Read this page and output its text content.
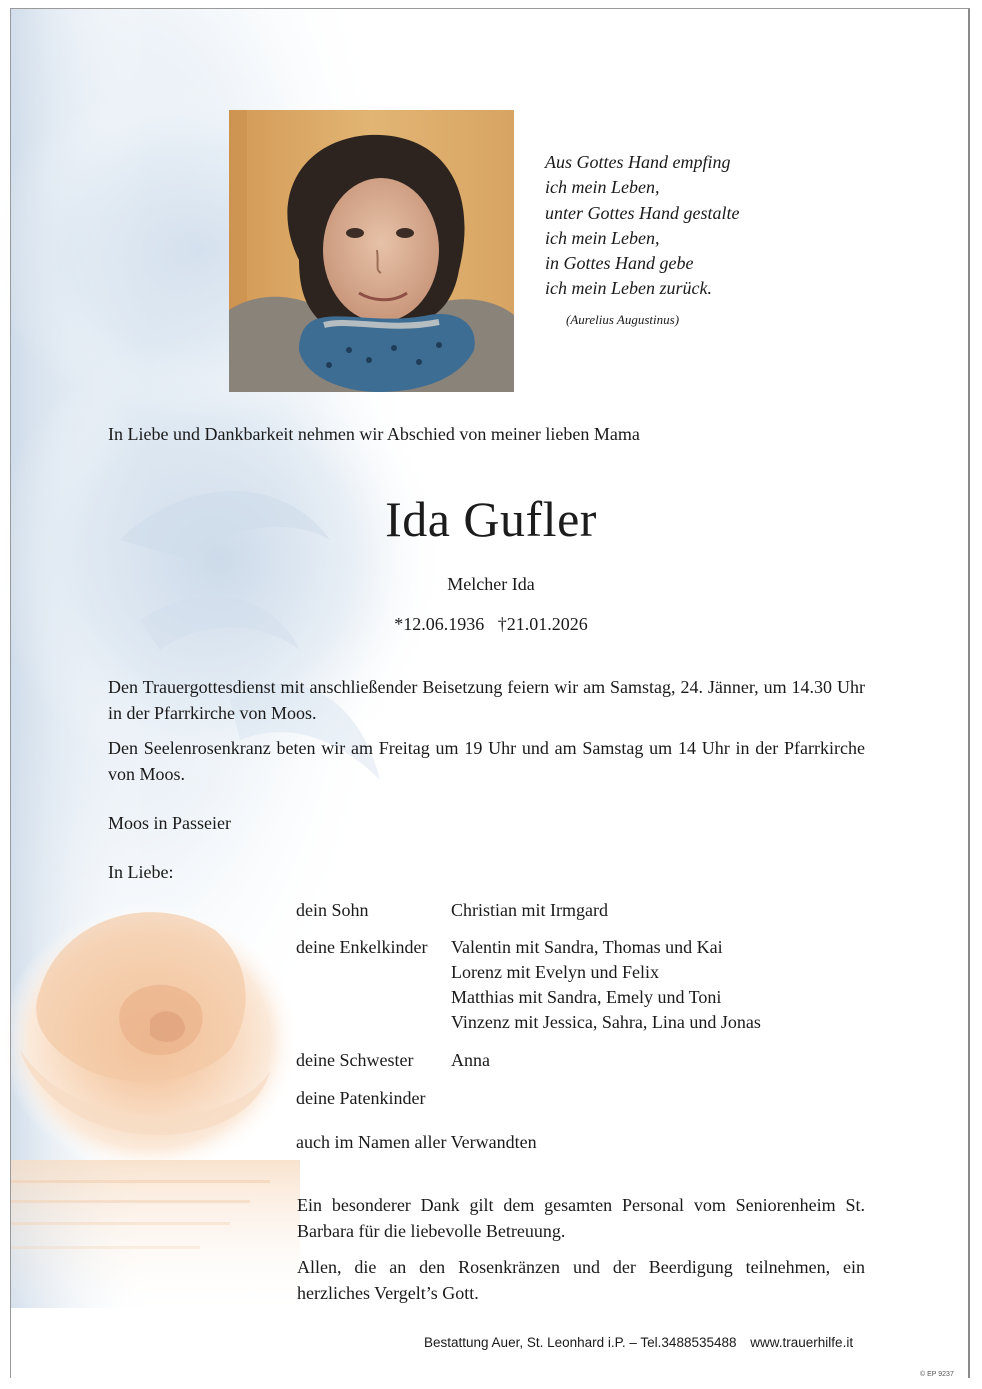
Aus Gottes Hand empfing
ich mein Leben,
unter Gottes Hand gestalte
ich mein Leben,
in Gottes Hand gebe
ich mein Leben zurück.
(Aurelius Augustinus)
In Liebe und Dankbarkeit nehmen wir Abschied von meiner lieben Mama
Ida Gufler
Melcher Ida
*12.06.1936   †21.01.2026
Den Trauergottesdienst mit anschließender Beisetzung feiern wir am Samstag, 24. Jänner, um 14.30 Uhr in der Pfarrkirche von Moos.
Den Seelenrosenkranz beten wir am Freitag um 19 Uhr und am Samstag um 14 Uhr in der Pfarrkirche von Moos.
Moos in Passeier
In Liebe:
dein Sohn	Christian mit Irmgard
deine Enkelkinder Valentin mit Sandra, Thomas und Kai
Lorenz mit Evelyn und Felix
Matthias mit Sandra, Emely und Toni
Vinzenz mit Jessica, Sahra, Lina und Jonas
deine Schwester Anna
deine Patenkinder
auch im Namen aller Verwandten
Ein besonderer Dank gilt dem gesamten Personal vom Seniorenheim St. Barbara für die liebevolle Betreuung.
Allen, die an den Rosenkränzen und der Beerdigung teilnehmen, ein herzliches Vergelt’s Gott.
Bestattung Auer, St. Leonhard i.P. – Tel.3488535488 www.trauerhilfe.it
© EP 9237
